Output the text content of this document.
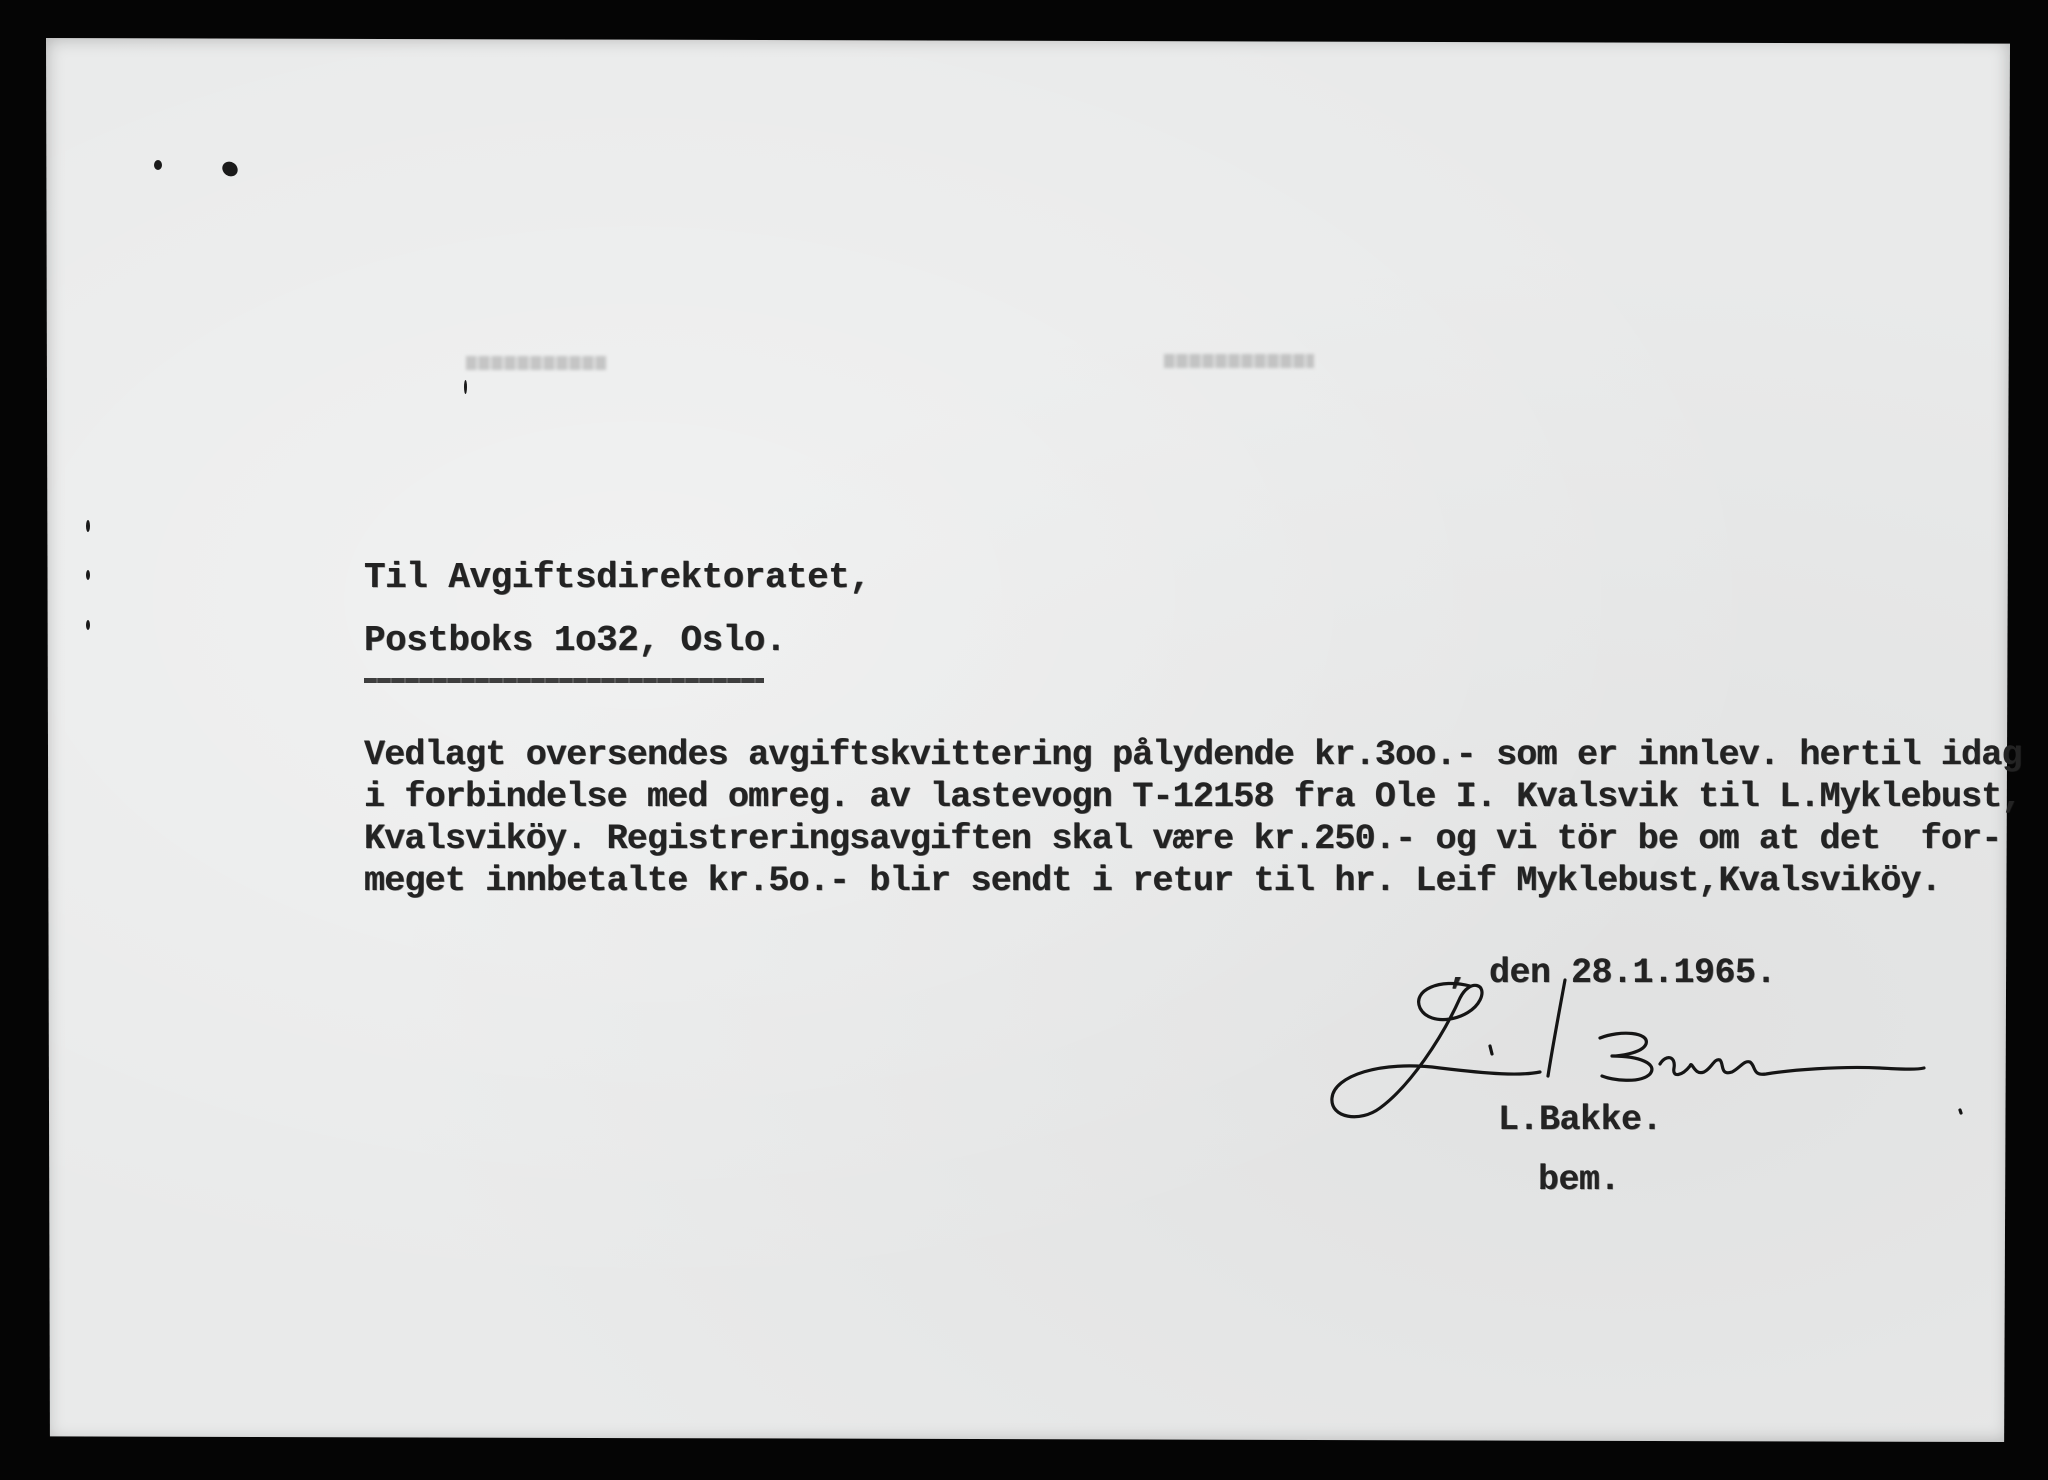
Til Avgiftsdirektoratet,
Postboks 1o32, Oslo.
Vedlagt oversendes avgiftskvittering pålydende kr.3oo.- som er innlev. hertil idag
i forbindelse med omreg. av lastevogn T-12158 fra Ole I. Kvalsvik til L.Myklebust,
Kvalsviköy. Registreringsavgiften skal være kr.250.- og vi tör be om at det  for-
meget innbetalte kr.5o.- blir sendt i retur til hr. Leif Myklebust,Kvalsviköy.
, den 28.1.1965.
L.Bakke.
bem.
